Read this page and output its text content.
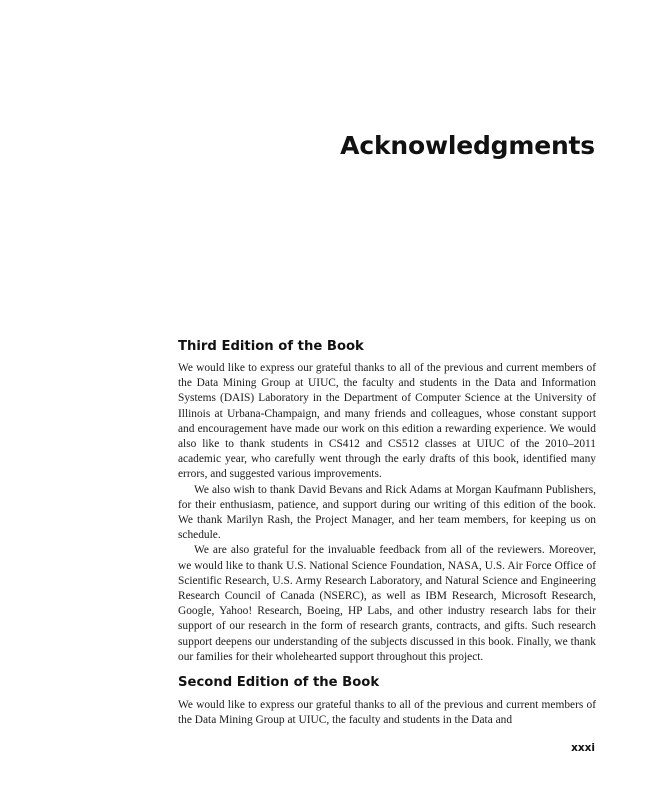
Acknowledgments
Third Edition of the Book

We would like to express our grateful thanks to all of the previous and current members of the Data Mining Group at UIUC, the faculty and students in the Data and Information Systems (DAIS) Laboratory in the Department of Computer Science at the University of Illinois at Urbana-Champaign, and many friends and colleagues, whose constant support and encouragement have made our work on this edition a rewarding experience. We would also like to thank students in CS412 and CS512 classes at UIUC of the 2010–2011 academic year, who carefully went through the early drafts of this book, identified many errors, and suggested various improvements.

We also wish to thank David Bevans and Rick Adams at Morgan Kaufmann Publishers, for their enthusiasm, patience, and support during our writing of this edition of the book. We thank Marilyn Rash, the Project Manager, and her team members, for keeping us on schedule.

We are also grateful for the invaluable feedback from all of the reviewers. Moreover, we would like to thank U.S. National Science Foundation, NASA, U.S. Air Force Office of Scientific Research, U.S. Army Research Laboratory, and Natural Science and Engineering Research Council of Canada (NSERC), as well as IBM Research, Microsoft Research, Google, Yahoo! Research, Boeing, HP Labs, and other industry research labs for their support of our research in the form of research grants, contracts, and gifts. Such research support deepens our understanding of the subjects discussed in this book. Finally, we thank our families for their wholehearted support throughout this project.

Second Edition of the Book

We would like to express our grateful thanks to all of the previous and current members of the Data Mining Group at UIUC, the faculty and students in the Data and

xxxi
